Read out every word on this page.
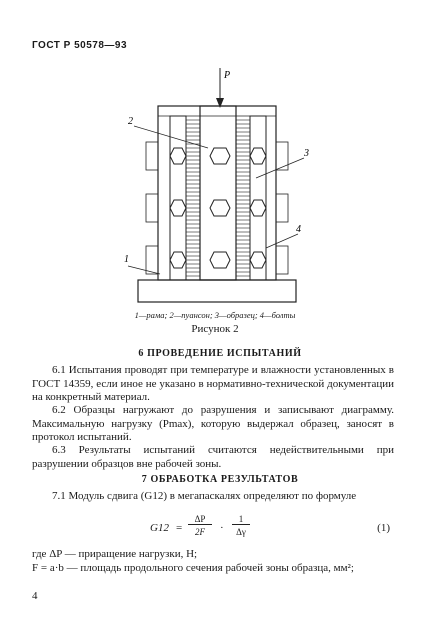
ГОСТ Р 50578—93
P
1
2
3
4
1—рама; 2—пуансон; 3—образец; 4—болты
Рисунок 2
6 ПРОВЕДЕНИЕ ИСПЫТАНИЙ
6.1 Испытания проводят при температуре и влажности установленных в ГОСТ 14359, если иное не указано в нормативно-технической документации на конкретный материал.
6.2 Образцы нагружают до разрушения и записывают диаграмму. Максимальную нагрузку (Pmax), которую выдержал образец, заносят в протокол испытаний.
6.3 Результаты испытаний считаются недействительными при разрушении образцов вне рабочей зоны.
7 ОБРАБОТКА РЕЗУЛЬТАТОВ
7.1 Модуль сдвига (G12) в мегапаскалях определяют по формуле
G12 =
ΔP
2F	·
1
Δγ	(1)
где ΔP — приращение нагрузки, Н;
F = a·b — площадь продольного сечения рабочей зоны образца, мм²;
4
